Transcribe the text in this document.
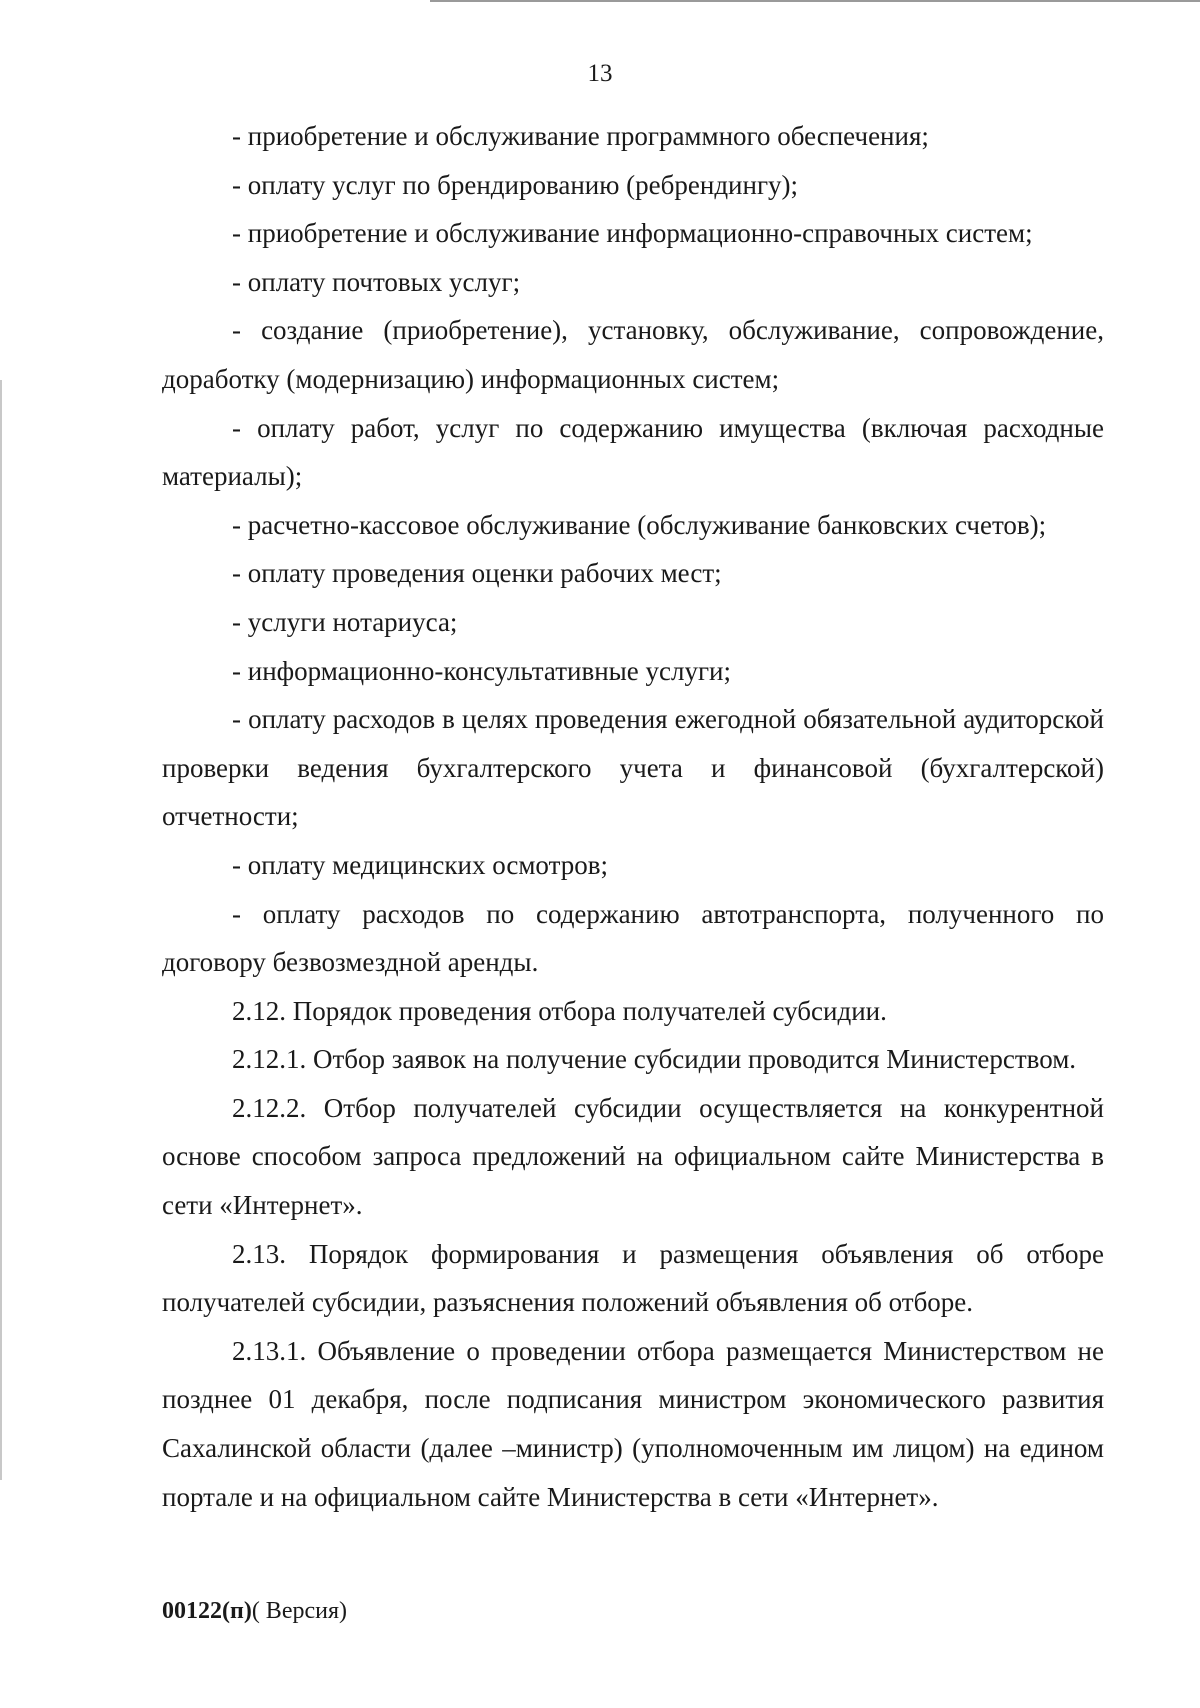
13

- приобретение и обслуживание программного обеспечения;

- оплату услуг по брендированию (ребрендингу);

- приобретение и обслуживание информационно-справочных систем;

- оплату почтовых услуг;

- создание (приобретение), установку, обслуживание, сопровождение, доработку (модернизацию) информационных систем;

- оплату работ, услуг по содержанию имущества (включая расходные материалы);

- расчетно-кассовое обслуживание (обслуживание банковских счетов);

- оплату проведения оценки рабочих мест;

- услуги нотариуса;

- информационно-консультативные услуги;

- оплату расходов в целях проведения ежегодной обязательной аудиторской проверки ведения бухгалтерского учета и финансовой (бухгалтерской) отчетности;

- оплату медицинских осмотров;

- оплату расходов по содержанию автотранспорта, полученного по договору безвозмездной аренды.

2.12. Порядок проведения отбора получателей субсидии.

2.12.1. Отбор заявок на получение субсидии проводится Министерством.

2.12.2. Отбор получателей субсидии осуществляется на конкурентной основе способом запроса предложений на официальном сайте Министерства в сети «Интернет».

2.13. Порядок формирования и размещения объявления об отборе получателей субсидии, разъяснения положений объявления об отборе.

2.13.1. Объявление о проведении отбора размещается Министерством не позднее 01 декабря, после подписания министром экономического развития Сахалинской области (далее –министр) (уполномоченным им лицом) на едином портале и на официальном сайте Министерства в сети «Интернет».

00122(п)( Версия)
